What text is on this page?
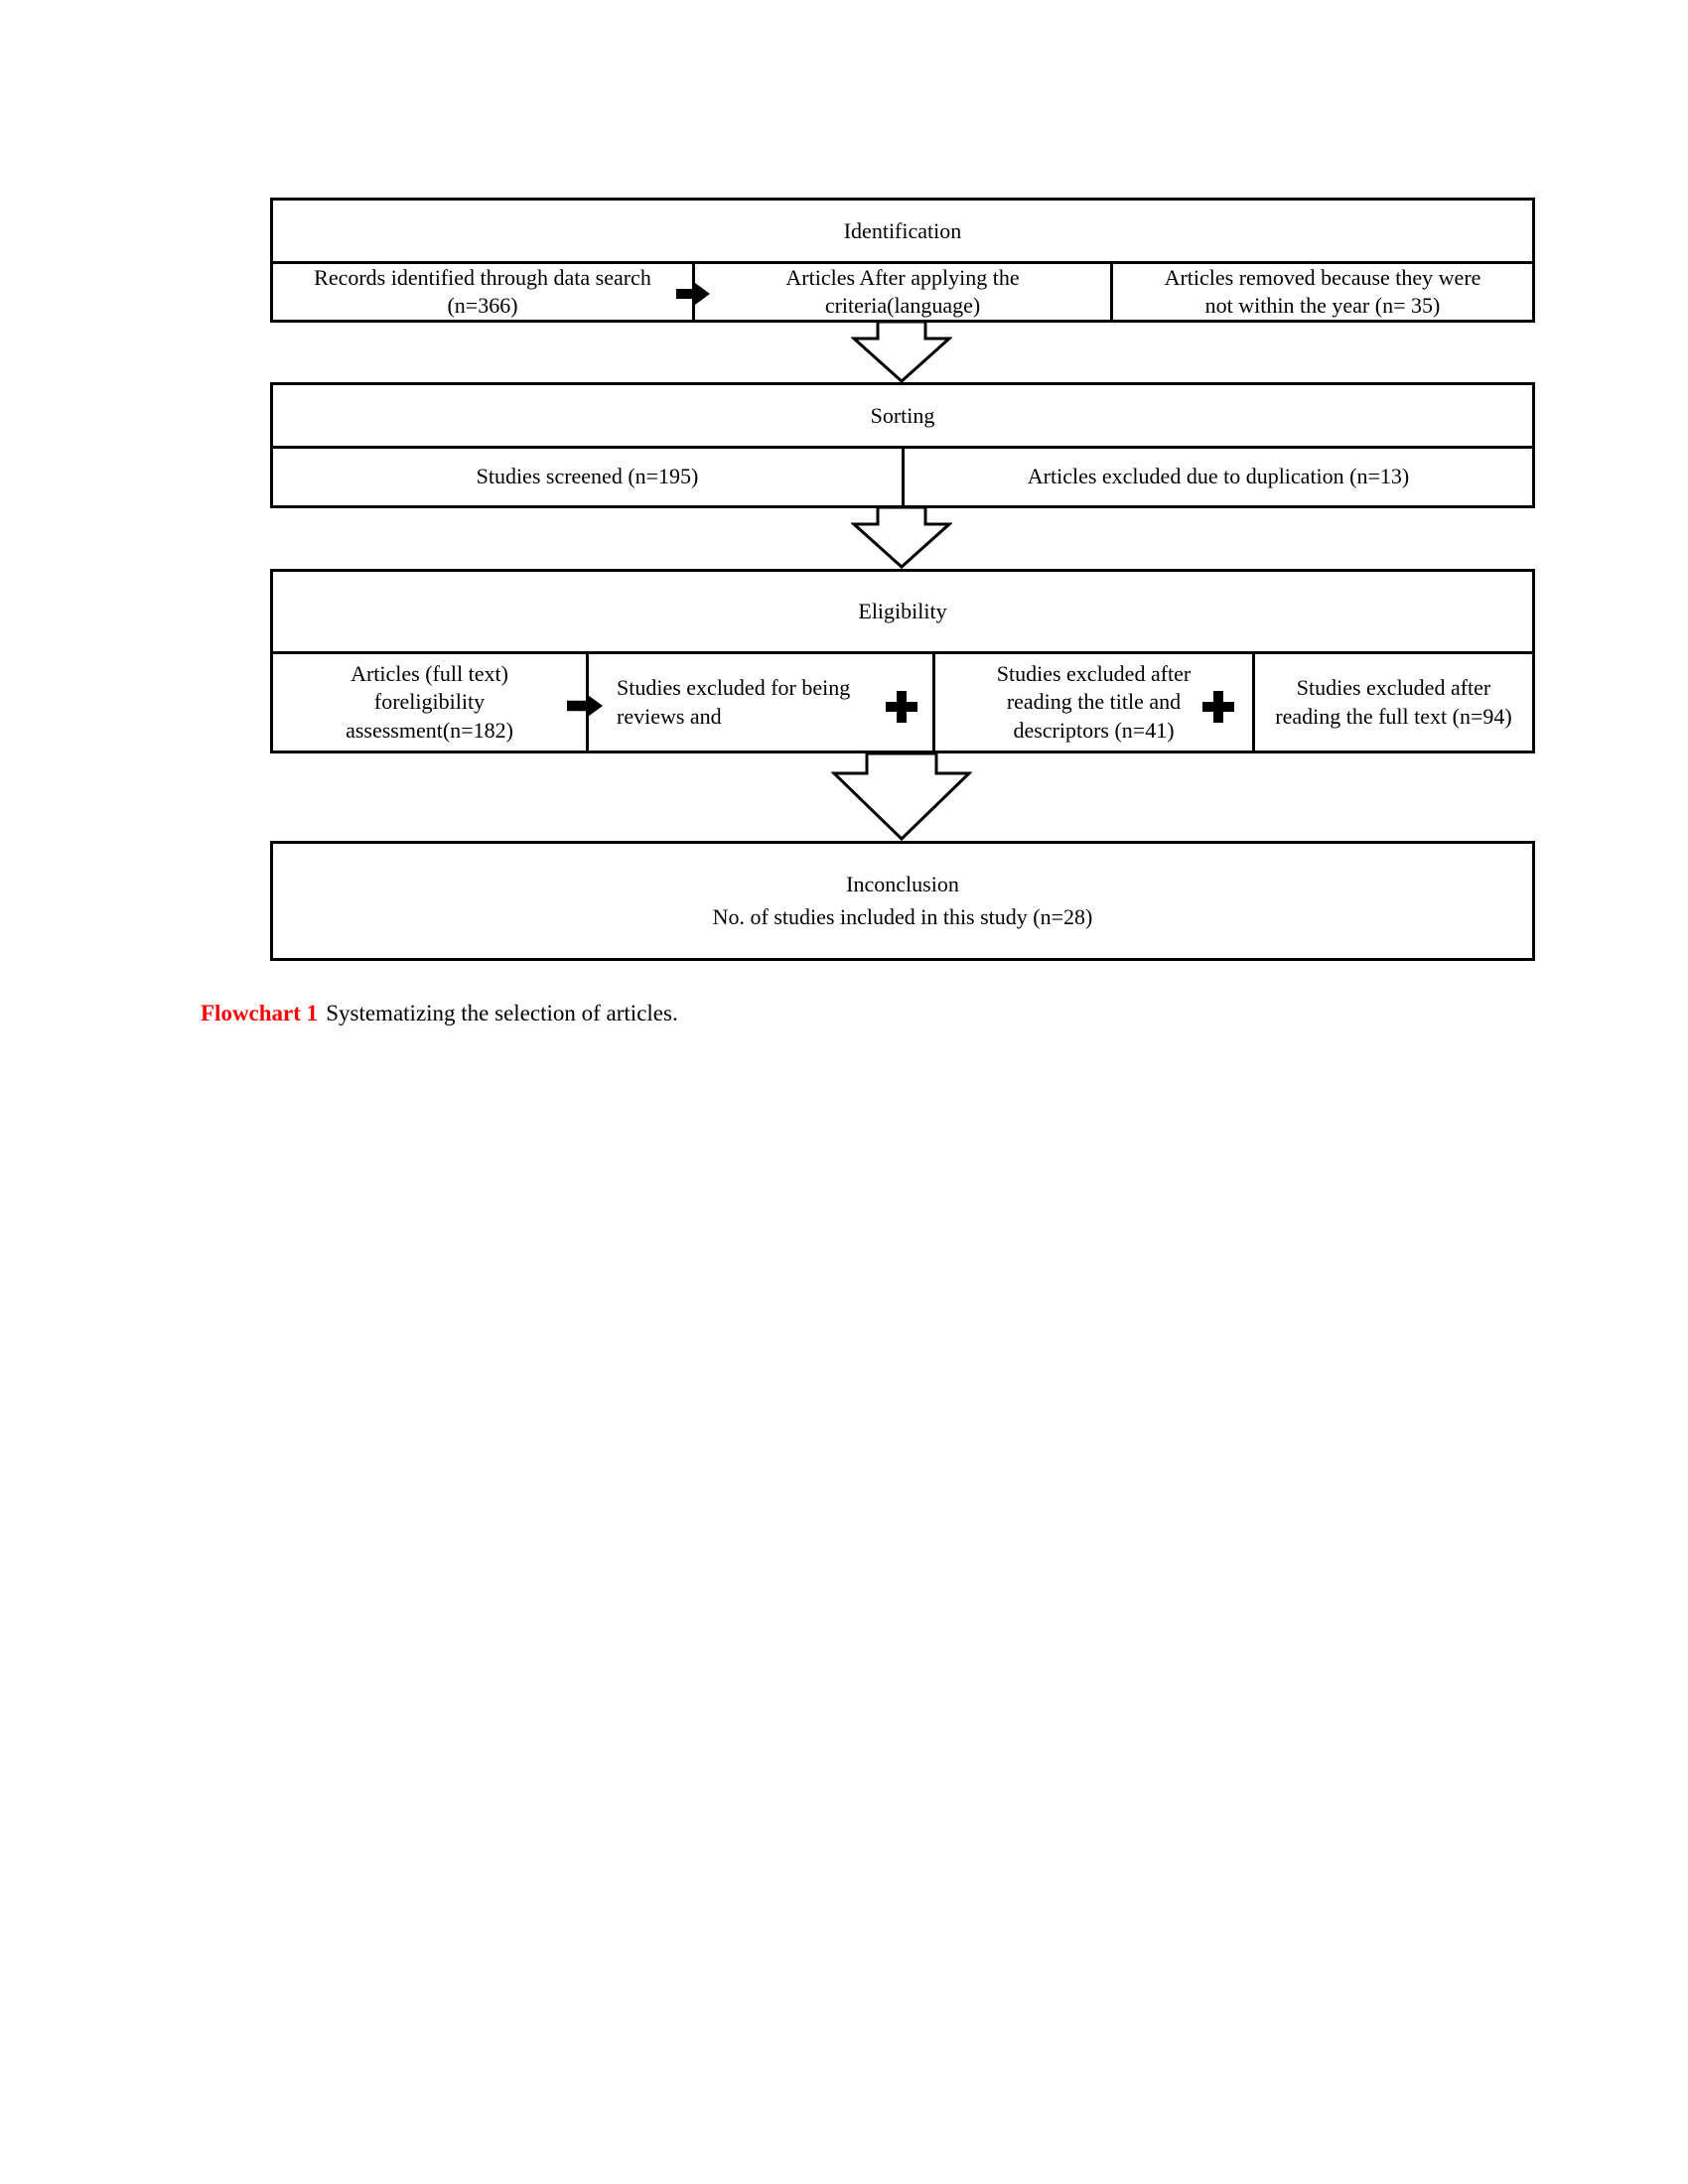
Identification
Records identified through data search
(n=366)
Articles After applying the
criteria(language)
Articles removed because they were
not within the year (n= 35)
Sorting
Studies screened (n=195)	Articles excluded due to duplication (n=13)
Eligibility
Articles (full text)
foreligibility
assessment(n=182)
Studies excluded for being
reviews and
Studies excluded after
reading the title and
descriptors (n=41)
Studies excluded after
reading the full text (n=94)
Inconclusion
No. of studies included in this study (n=28)

Flowchart 1 Systematizing the selection of articles.
